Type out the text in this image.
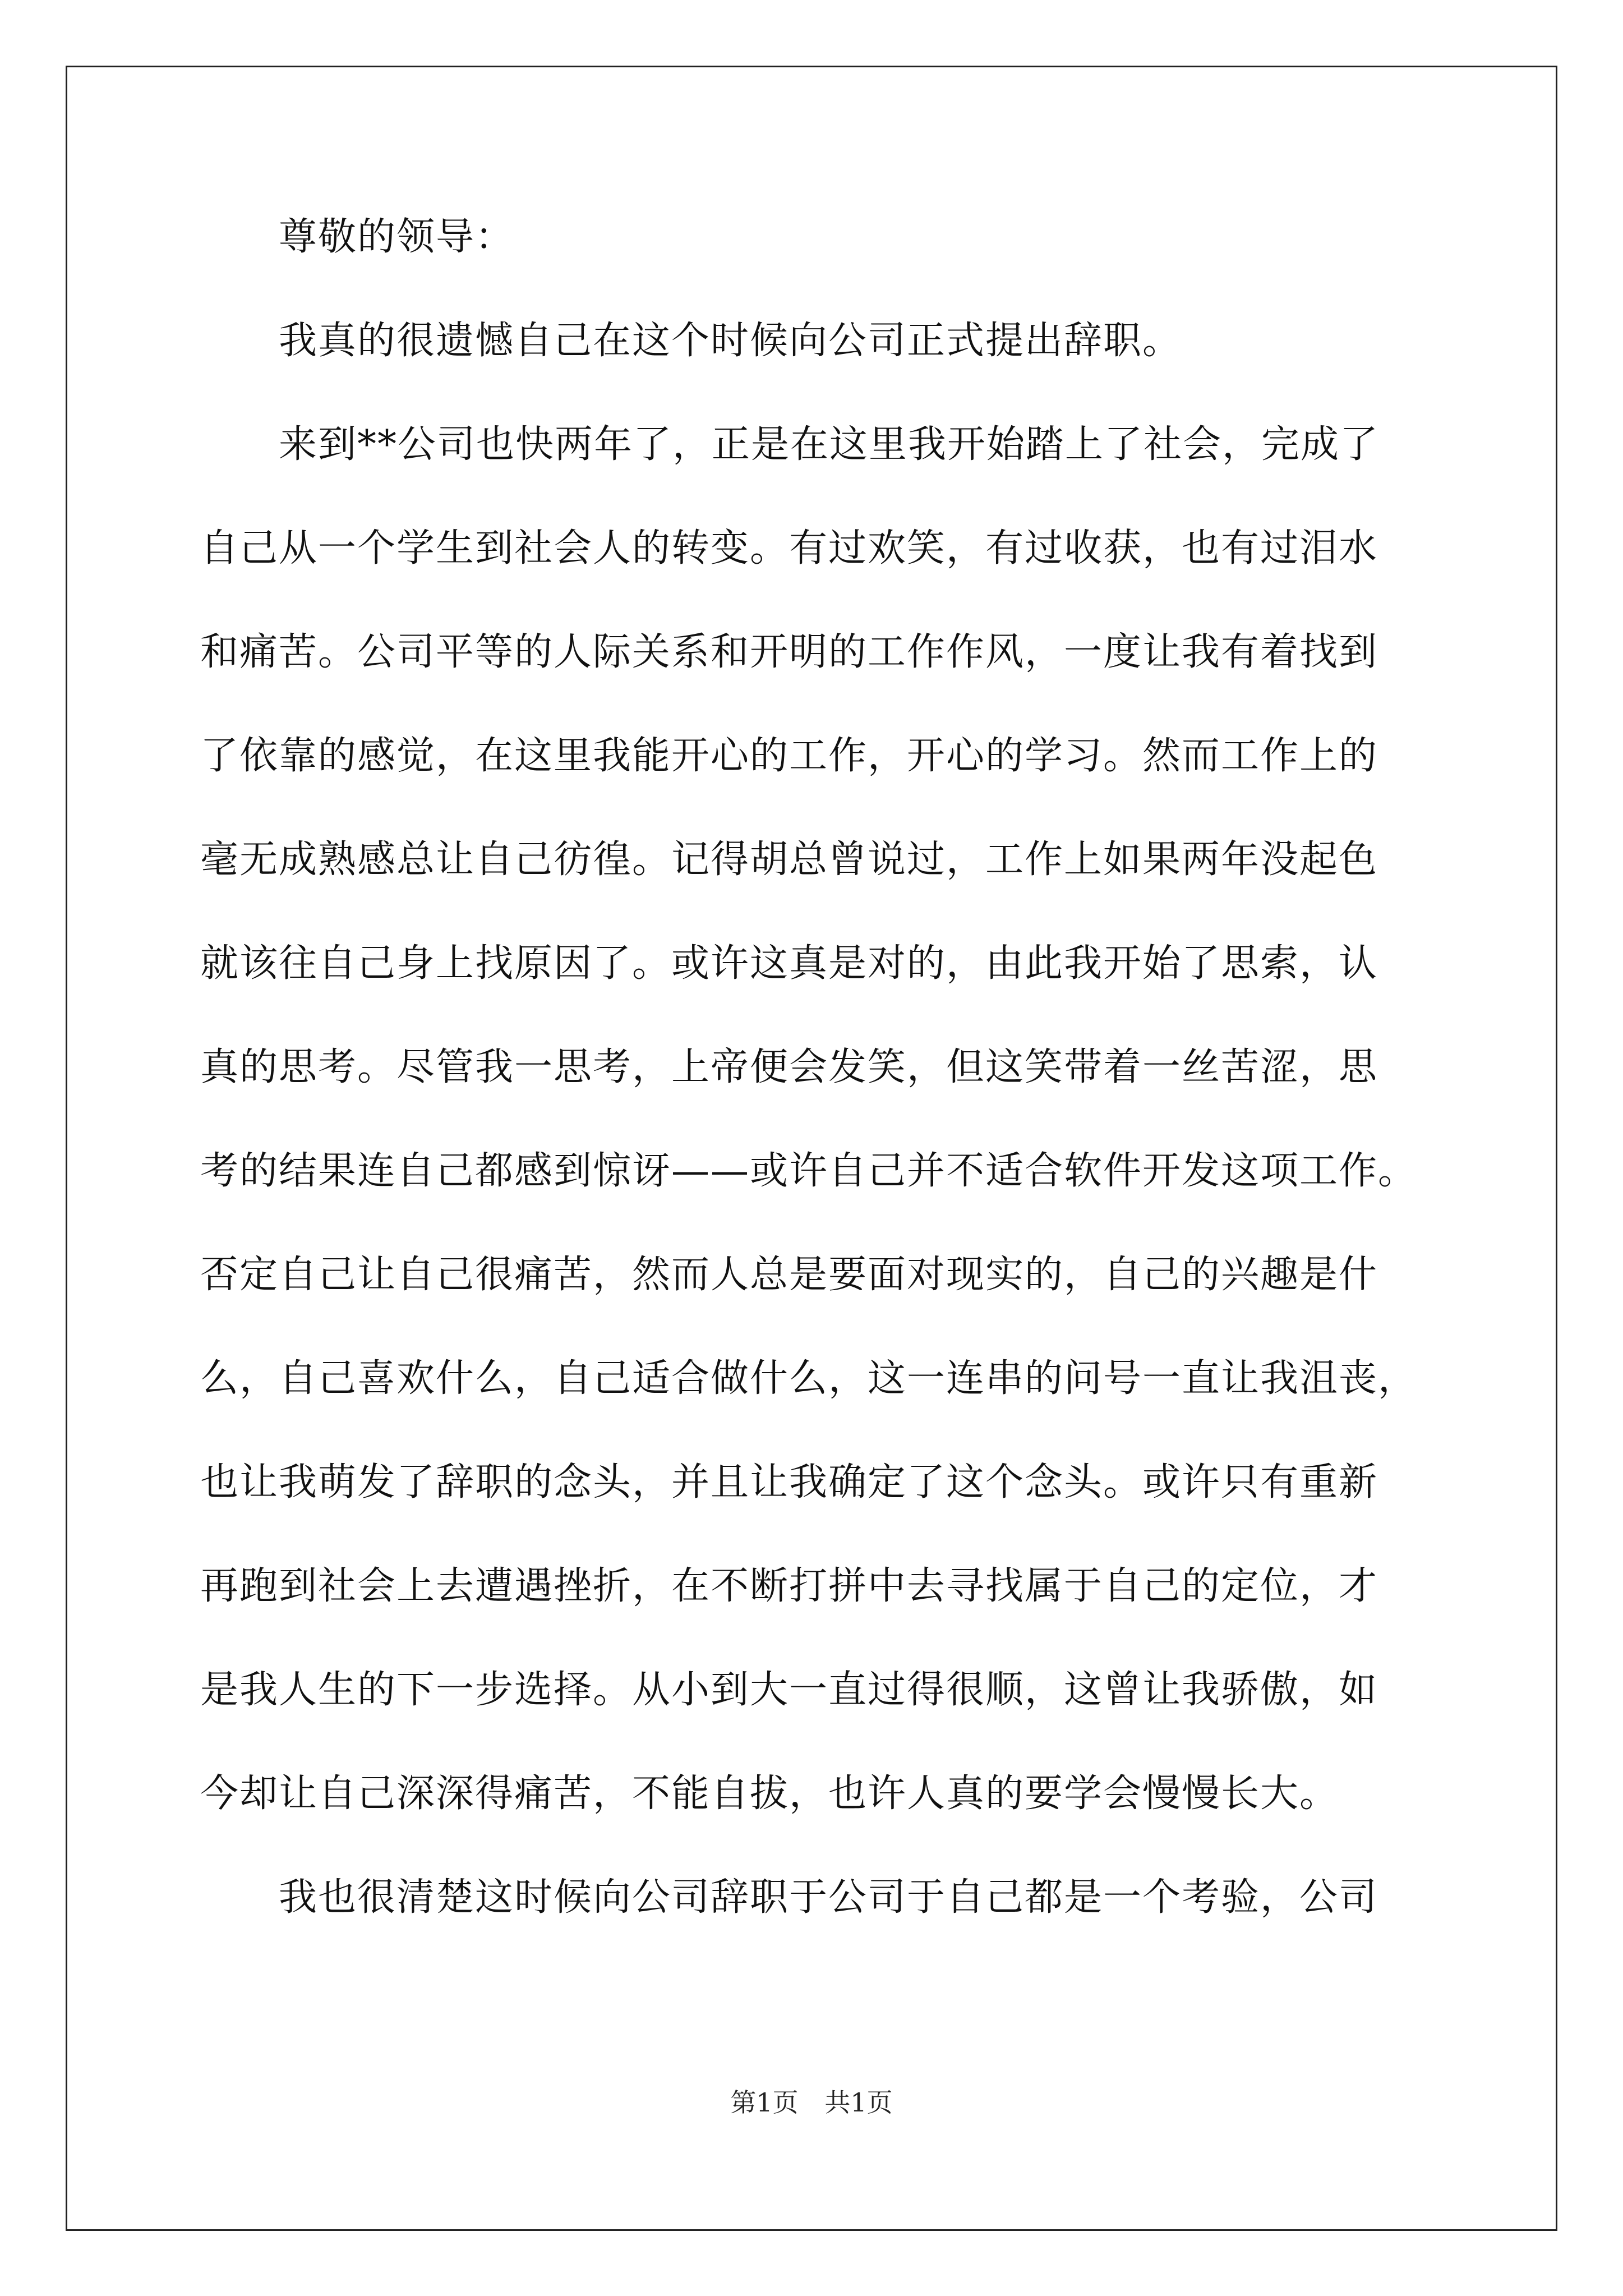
尊敬的领导：

我真的很遗憾自己在这个时候向公司正式提出辞职。
来到**公司也快两年了，正是在这里我开始踏上了社会，完成了
自己从一个学生到社会人的转变。有过欢笑，有过收获，也有过泪水
和痛苦。公司平等的人际关系和开明的工作作风，一度让我有着找到
了依靠的感觉，在这里我能开心的工作，开心的学习。然而工作上的
毫无成熟感总让自己彷徨。记得胡总曾说过，工作上如果两年没起色
就该往自己身上找原因了。或许这真是对的，由此我开始了思索，认
真的思考。尽管我一思考，上帝便会发笑，但这笑带着一丝苦涩，思
考的结果连自己都感到惊讶——或许自己并不适合软件开发这项工作。
否定自己让自己很痛苦，然而人总是要面对现实的，自己的兴趣是什
么，自己喜欢什么，自己适合做什么，这一连串的问号一直让我沮丧，
也让我萌发了辞职的念头，并且让我确定了这个念头。或许只有重新
再跑到社会上去遭遇挫折，在不断打拼中去寻找属于自己的定位，才
是我人生的下一步选择。从小到大一直过得很顺，这曾让我骄傲，如
今却让自己深深得痛苦，不能自拔，也许人真的要学会慢慢长大。
我也很清楚这时候向公司辞职于公司于自己都是一个考验，公司
第1页 共1页
